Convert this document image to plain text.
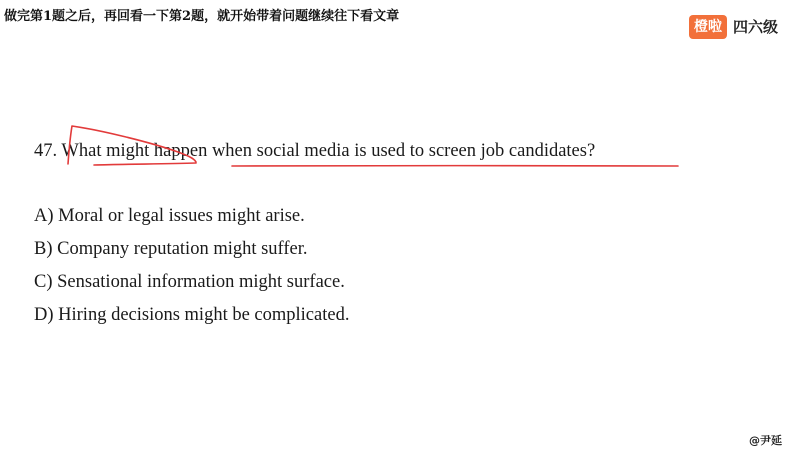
做完第1题之后，再回看一下第2题，就开始带着问题继续往下看文章
橙啦 四六级

47. What might happen when social media is used to screen job candidates?

A) Moral or legal issues might arise.
B) Company reputation might suffer.
C) Sensational information might surface.
D) Hiring decisions might be complicated.
@尹延
